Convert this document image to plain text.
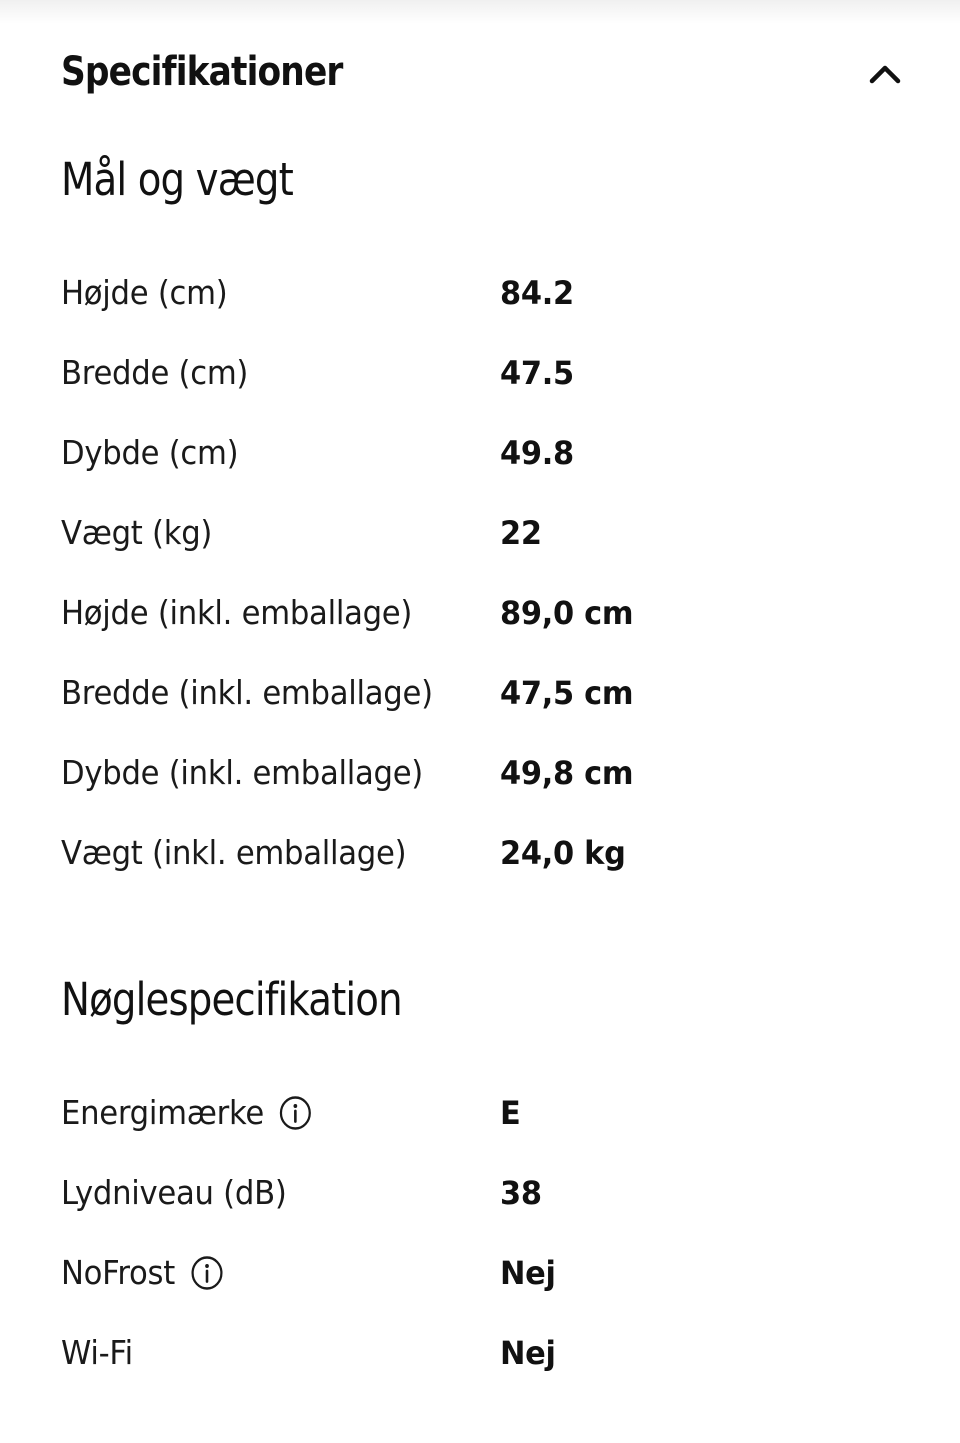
Specifikationer
Mål og vægt
Højde (cm)	84.2
Bredde (cm)	47.5
Dybde (cm)	49.8
Vægt (kg)	22
Højde (inkl. emballage)	89,0 cm
Bredde (inkl. emballage) 47,5 cm
Dybde (inkl. emballage) 49,8 cm
Vægt (inkl. emballage)	24,0 kg
Nøglespecifikation
Energimærke	E
Lydniveau (dB)	38
NoFrost	Nej
Wi-Fi	Nej
